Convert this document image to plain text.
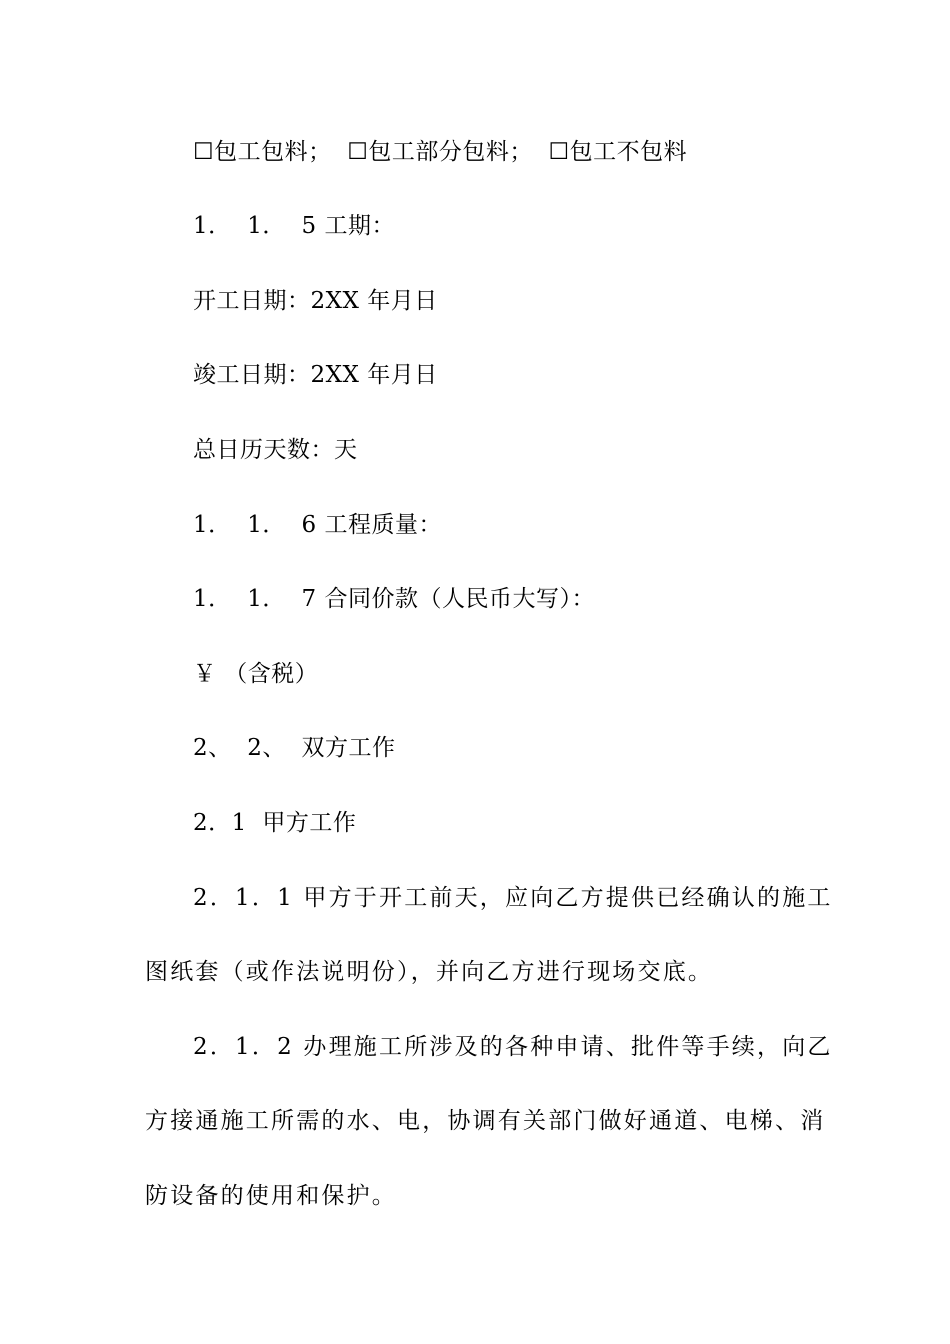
☐包工包料；  ☐包工部分包料；  ☐包工不包料
1．  1．  5 工期：
开工日期：2XX 年月日
竣工日期：2XX 年月日
总日历天数：天
1．  1．  6 工程质量：
1．  1．  7 合同价款（人民币大写）：
￥ （含税）
2、  2、  双方工作
2．1  甲方工作
2．1．1 甲方于开工前天，应向乙方提供已经确认的施工
图纸套（或作法说明份），并向乙方进行现场交底。
2．1．2 办理施工所涉及的各种申请、批件等手续，向乙
方接通施工所需的水、电，协调有关部门做好通道、电梯、消
防设备的使用和保护。
